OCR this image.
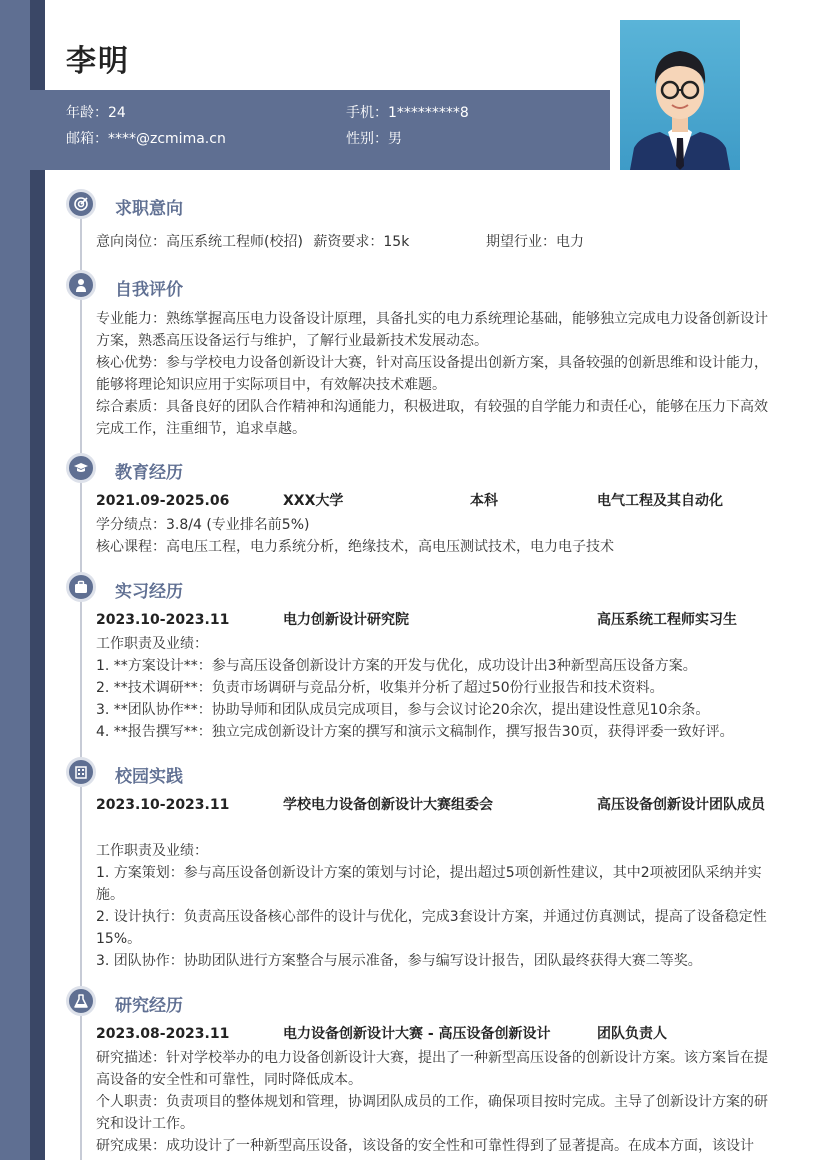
李明
年龄：24	手机：1*********8
邮箱：****@zcmima.cn	性别：男
求职意向
意向岗位：高压系统工程师(校招) 薪资要求：15k	期望行业：电力
自我评价
专业能力：熟练掌握高压电力设备设计原理，具备扎实的电力系统理论基础，能够独立完成电力设备创新设计方案，熟悉高压设备运行与维护，了解行业最新技术发展动态。
核心优势：参与学校电力设备创新设计大赛，针对高压设备提出创新方案，具备较强的创新思维和设计能力，能够将理论知识应用于实际项目中，有效解决技术难题。
综合素质：具备良好的团队合作精神和沟通能力，积极进取，有较强的自学能力和责任心，能够在压力下高效完成工作，注重细节，追求卓越。
教育经历
2021.09-2025.06	XXX大学	本科	电气工程及其自动化
学分绩点：3.8/4 (专业排名前5%)
核心课程：高电压工程，电力系统分析，绝缘技术，高电压测试技术，电力电子技术
实习经历
2023.10-2023.11	电力创新设计研究院	高压系统工程师实习生
工作职责及业绩：
1. **方案设计**：参与高压设备创新设计方案的开发与优化，成功设计出3种新型高压设备方案。
2. **技术调研**：负责市场调研与竞品分析，收集并分析了超过50份行业报告和技术资料。
3. **团队协作**：协助导师和团队成员完成项目，参与会议讨论20余次，提出建设性意见10余条。
4. **报告撰写**：独立完成创新设计方案的撰写和演示文稿制作，撰写报告30页，获得评委一致好评。
校园实践
2023.10-2023.11	学校电力设备创新设计大赛组委会	高压设备创新设计团队成员
工作职责及业绩：
1. 方案策划：参与高压设备创新设计方案的策划与讨论，提出超过5项创新性建议，其中2项被团队采纳并实施。
2. 设计执行：负责高压设备核心部件的设计与优化，完成3套设计方案，并通过仿真测试，提高了设备稳定性15%。
3. 团队协作：协助团队进行方案整合与展示准备，参与编写设计报告，团队最终获得大赛二等奖。
研究经历
2023.08-2023.11	电力设备创新设计大赛 - 高压设备创新设计	团队负责人
研究描述：针对学校举办的电力设备创新设计大赛，提出了一种新型高压设备的创新设计方案。该方案旨在提高设备的安全性和可靠性，同时降低成本。
个人职责：负责项目的整体规划和管理，协调团队成员的工作，确保项目按时完成。主导了创新设计方案的研究和设计工作。
研究成果：成功设计了一种新型高压设备，该设备的安全性和可靠性得到了显著提高。在成本方面，该设计
